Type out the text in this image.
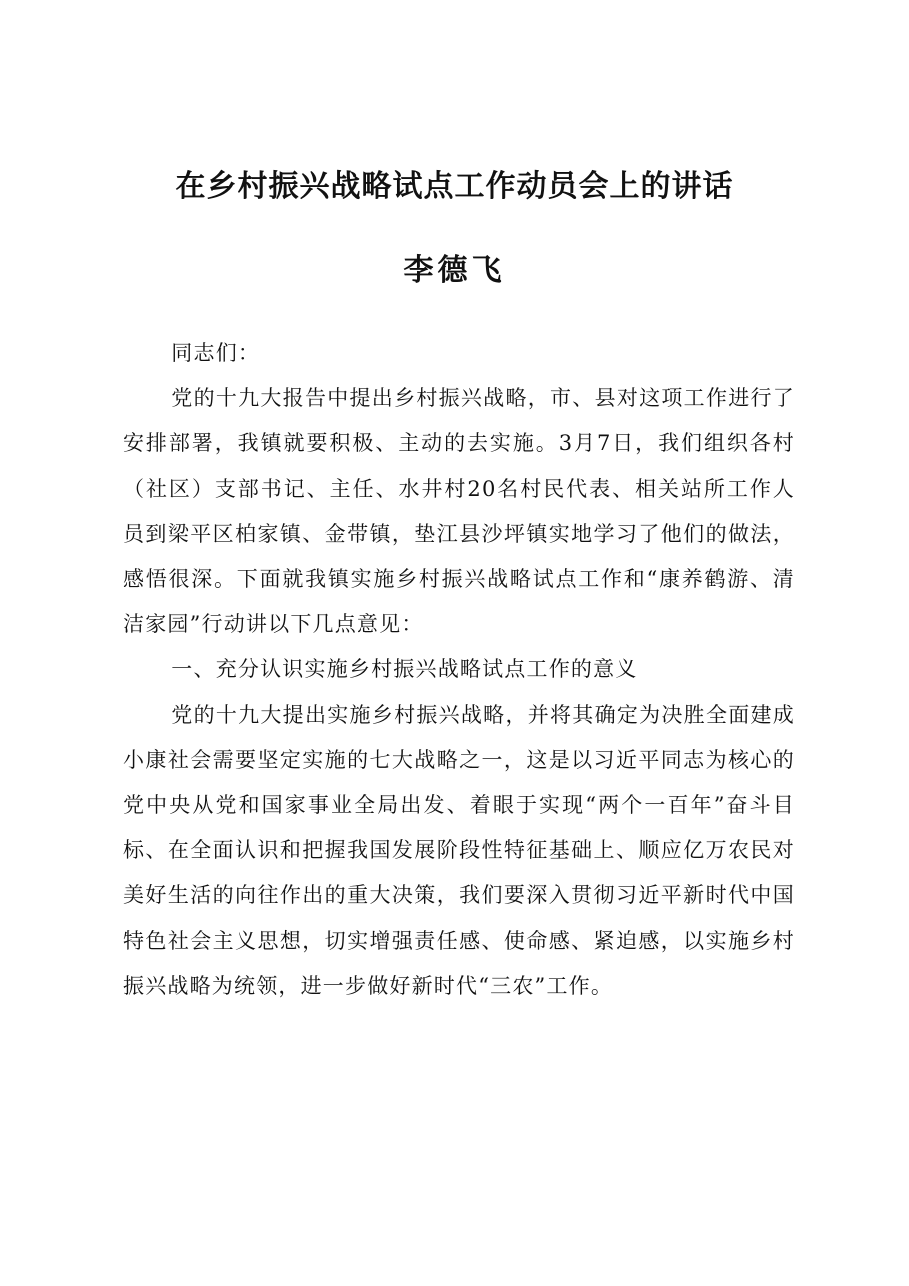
在乡村振兴战略试点工作动员会上的讲话
李德飞

同志们：

党的十九大报告中提出乡村振兴战略，市、县对这项工作进行了安排部署，我镇就要积极、主动的去实施。3月7日，我们组织各村（社区）支部书记、主任、水井村20名村民代表、相关站所工作人员到梁平区柏家镇、金带镇，垫江县沙坪镇实地学习了他们的做法，感悟很深。下面就我镇实施乡村振兴战略试点工作和“康养鹤游、清洁家园”行动讲以下几点意见：

一、充分认识实施乡村振兴战略试点工作的意义

党的十九大提出实施乡村振兴战略，并将其确定为决胜全面建成小康社会需要坚定实施的七大战略之一，这是以习近平同志为核心的党中央从党和国家事业全局出发、着眼于实现“两个一百年”奋斗目标、在全面认识和把握我国发展阶段性特征基础上、顺应亿万农民对美好生活的向往作出的重大决策，我们要深入贯彻习近平新时代中国特色社会主义思想，切实增强责任感、使命感、紧迫感，以实施乡村振兴战略为统领，进一步做好新时代“三农”工作。
